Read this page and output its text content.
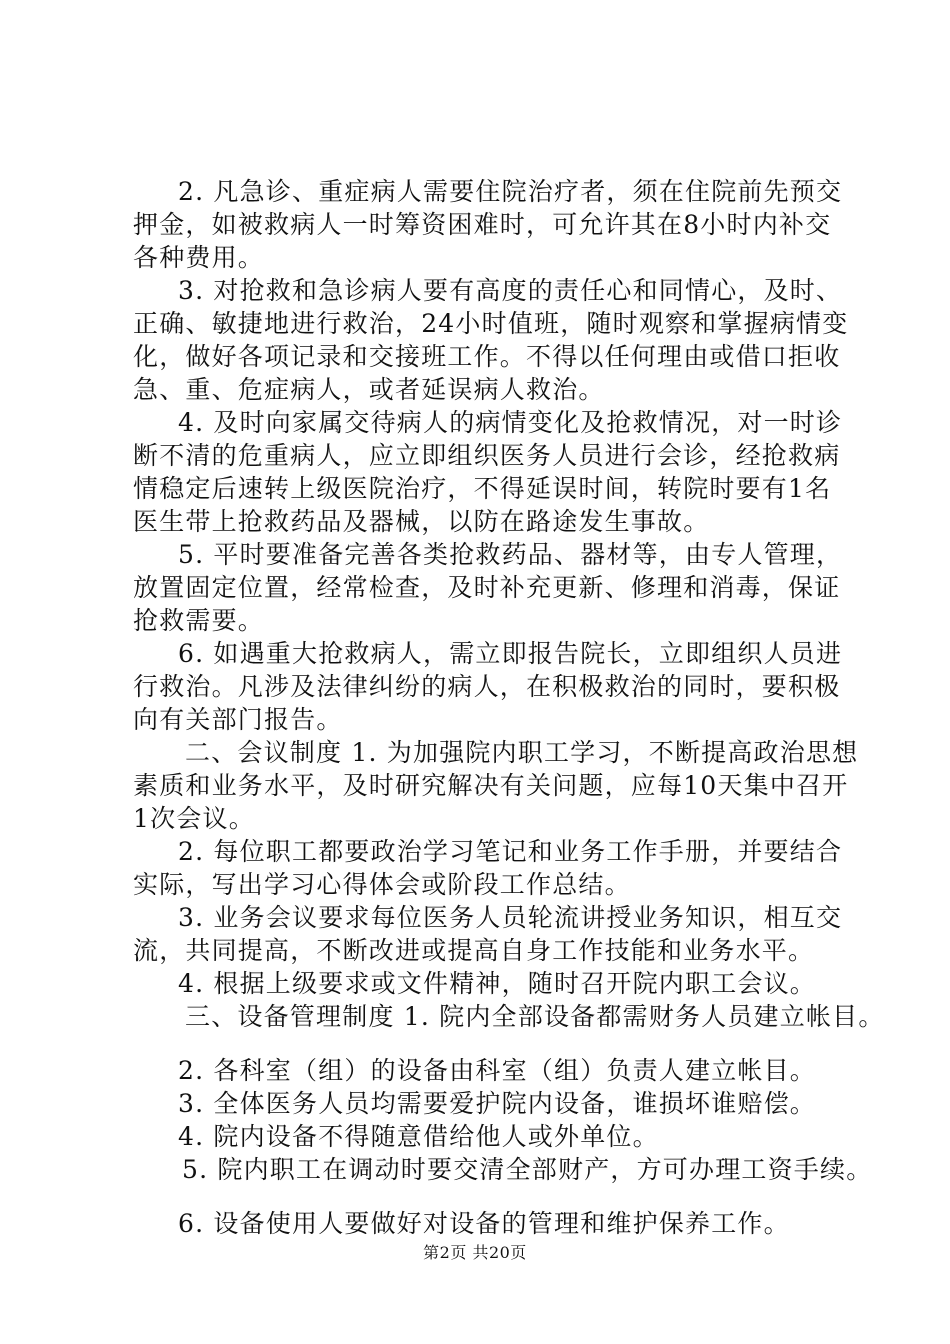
2. 凡急诊、重症病人需要住院治疗者，须在住院前先预交
押金，如被救病人一时筹资困难时，可允许其在8小时内补交
各种费用。
3. 对抢救和急诊病人要有高度的责任心和同情心，及时、
正确、敏捷地进行救治，24小时值班，随时观察和掌握病情变
化，做好各项记录和交接班工作。不得以任何理由或借口拒收
急、重、危症病人，或者延误病人救治。
4. 及时向家属交待病人的病情变化及抢救情况，对一时诊
断不清的危重病人，应立即组织医务人员进行会诊，经抢救病
情稳定后速转上级医院治疗，不得延误时间，转院时要有1名
医生带上抢救药品及器械，以防在路途发生事故。
5. 平时要准备完善各类抢救药品、器材等，由专人管理，
放置固定位置，经常检查，及时补充更新、修理和消毒，保证
抢救需要。
6. 如遇重大抢救病人，需立即报告院长，立即组织人员进
行救治。凡涉及法律纠纷的病人，在积极救治的同时，要积极
向有关部门报告。
二、会议制度 1. 为加强院内职工学习，不断提高政治思想
素质和业务水平，及时研究解决有关问题，应每10天集中召开
1次会议。
2. 每位职工都要政治学习笔记和业务工作手册，并要结合
实际，写出学习心得体会或阶段工作总结。
3. 业务会议要求每位医务人员轮流讲授业务知识，相互交
流，共同提高，不断改进或提高自身工作技能和业务水平。
4. 根据上级要求或文件精神，随时召开院内职工会议。
三、设备管理制度 1. 院内全部设备都需财务人员建立帐目。
2. 各科室（组）的设备由科室（组）负责人建立帐目。
3. 全体医务人员均需要爱护院内设备，谁损坏谁赔偿。
4. 院内设备不得随意借给他人或外单位。
5. 院内职工在调动时要交清全部财产，方可办理工资手续。
6. 设备使用人要做好对设备的管理和维护保养工作。
第2页 共20页
